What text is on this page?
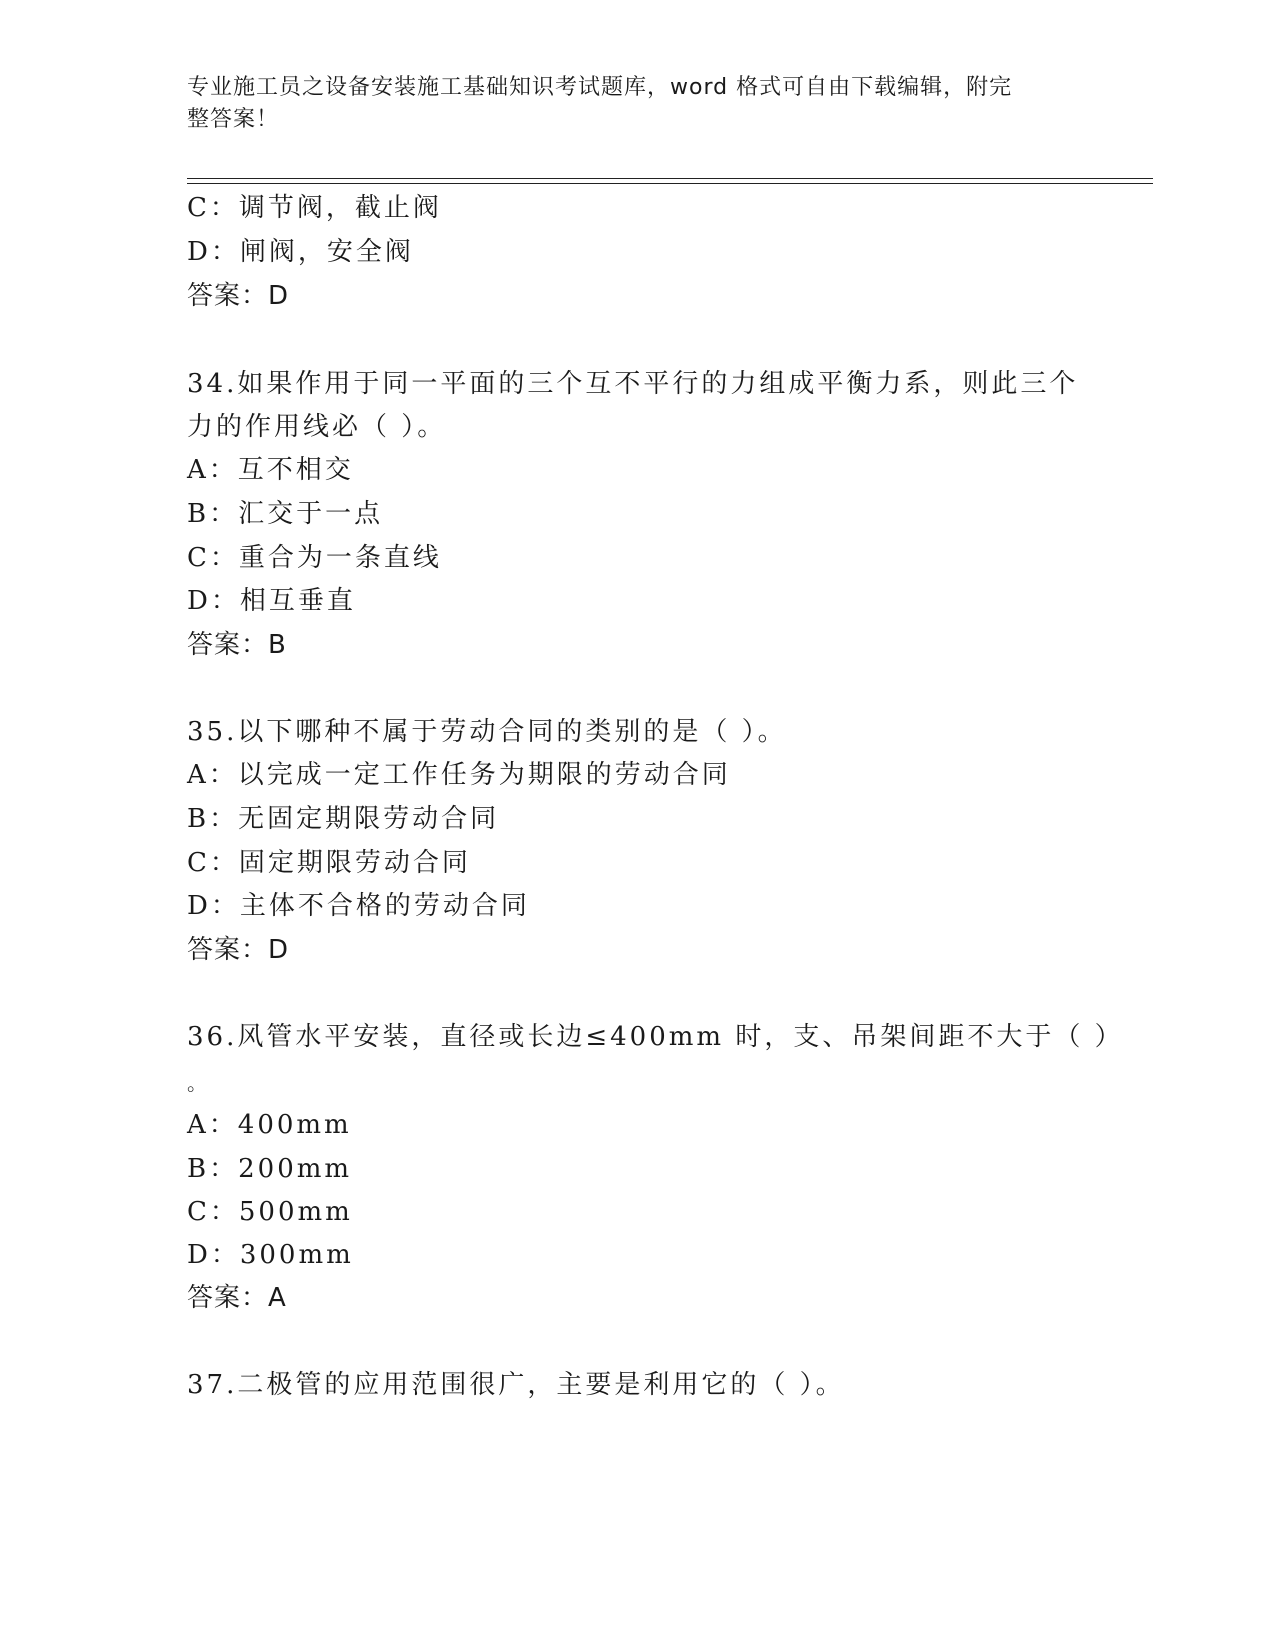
专业施工员之设备安装施工基础知识考试题库，word 格式可自由下载编辑，附完
整答案！
C：调节阀，截止阀
D：闸阀，安全阀
答案：D
34.如果作用于同一平面的三个互不平行的力组成平衡力系，则此三个
力的作用线必（ ）。
A：互不相交
B：汇交于一点
C：重合为一条直线
D：相互垂直
答案：B
35.以下哪种不属于劳动合同的类别的是（ ）。
A：以完成一定工作任务为期限的劳动合同
B：无固定期限劳动合同
C：固定期限劳动合同
D：主体不合格的劳动合同
答案：D
36.风管水平安装，直径或长边≤400mm 时，支、吊架间距不大于（ ）
。
A：400mm
B：200mm
C：500mm
D：300mm
答案：A
37.二极管的应用范围很广，主要是利用它的（ ）。
